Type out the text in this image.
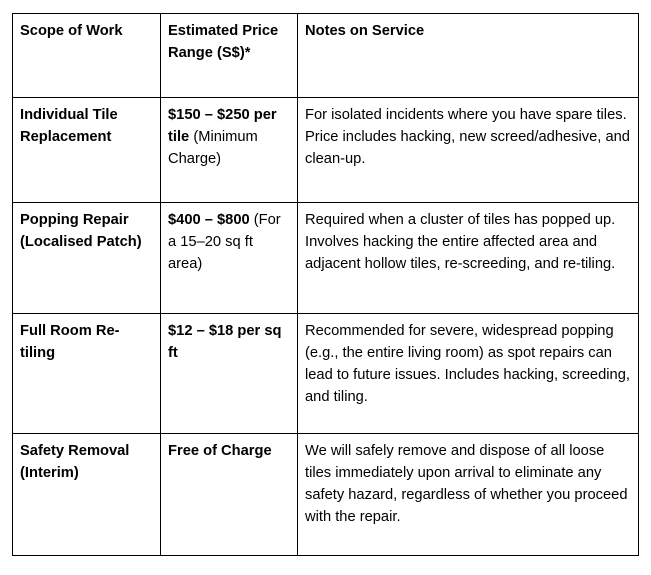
Scope of Work	Estimated Price Range (S$)*	Notes on Service
Individual Tile Replacement	$150 – $250 per tile (Minimum Charge)	For isolated incidents where you have spare tiles. Price includes hacking, new screed/adhesive, and clean-up.
Popping Repair (Localised Patch)	$400 – $800 (For a 15–20 sq ft area)	Required when a cluster of tiles has popped up. Involves hacking the entire affected area and adjacent hollow tiles, re-screeding, and re-tiling.
Full Room Re-tiling	$12 – $18 per sq ft	Recommended for severe, widespread popping (e.g., the entire living room) as spot repairs can lead to future issues. Includes hacking, screeding, and tiling.
Safety Removal (Interim)	Free of Charge	We will safely remove and dispose of all loose tiles immediately upon arrival to eliminate any safety hazard, regardless of whether you proceed with the repair.
